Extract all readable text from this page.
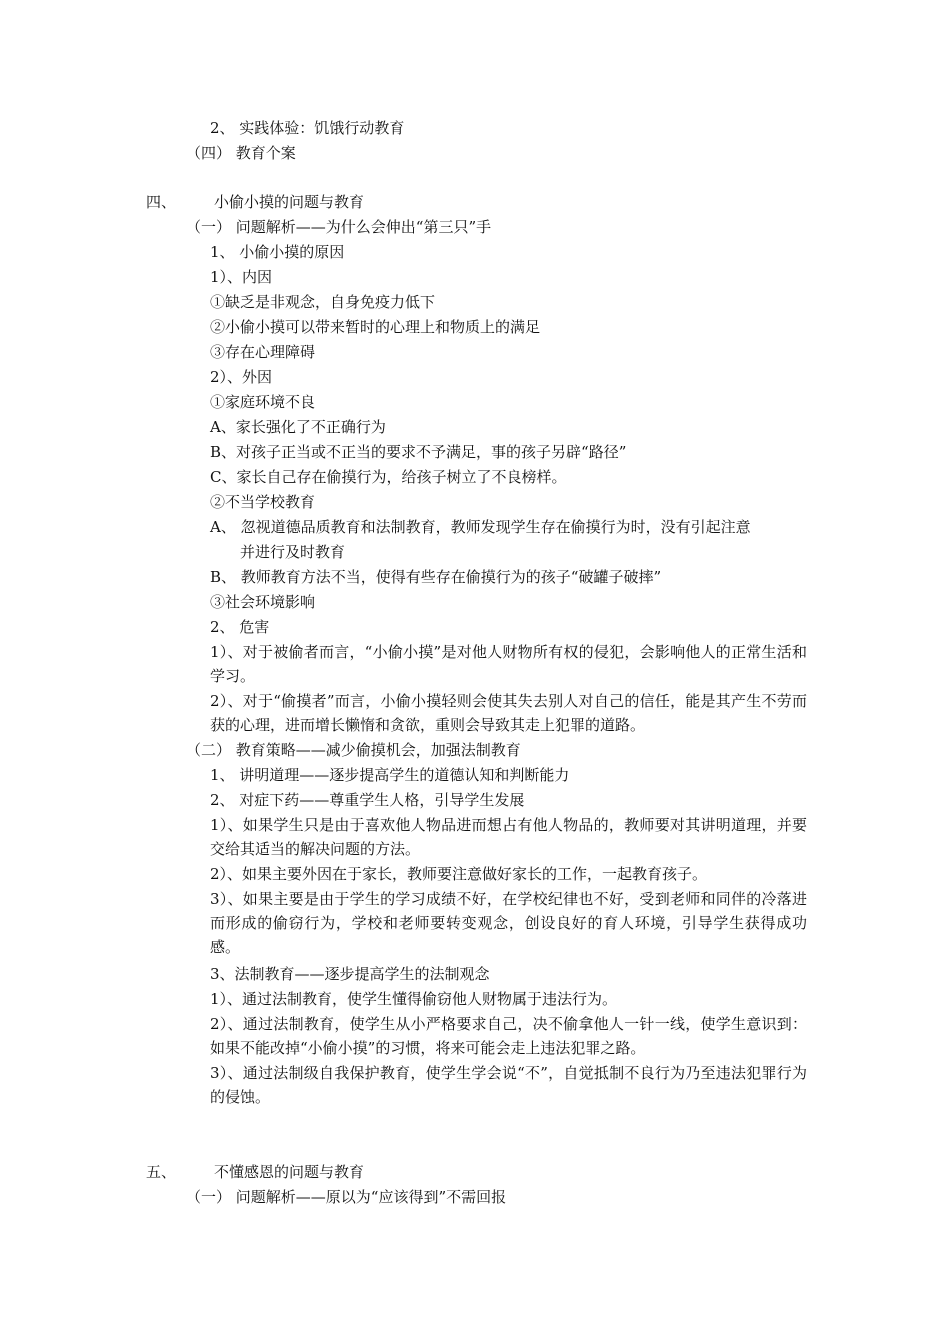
2、 实践体验：饥饿行动教育
（四） 教育个案
四、	小偷小摸的问题与教育
（一） 问题解析——为什么会伸出“第三只”手
1、 小偷小摸的原因
1）、内因
①缺乏是非观念，自身免疫力低下
②小偷小摸可以带来暂时的心理上和物质上的满足
③存在心理障碍
2）、外因
①家庭环境不良
A、家长强化了不正确行为
B、对孩子正当或不正当的要求不予满足，事的孩子另辟“路径”
C、家长自己存在偷摸行为，给孩子树立了不良榜样。
②不当学校教育
A、 忽视道德品质教育和法制教育，教师发现学生存在偷摸行为时，没有引起注意
并进行及时教育
B、 教师教育方法不当，使得有些存在偷摸行为的孩子“破罐子破摔”
③社会环境影响
2、 危害
1）、对于被偷者而言，“小偷小摸”是对他人财物所有权的侵犯，会影响他人的正常生活和学习。
2）、对于“偷摸者”而言，小偷小摸轻则会使其失去别人对自己的信任，能是其产生不劳而获的心理，进而增长懒惰和贪欲，重则会导致其走上犯罪的道路。
（二） 教育策略——减少偷摸机会，加强法制教育
1、 讲明道理——逐步提高学生的道德认知和判断能力
2、 对症下药——尊重学生人格，引导学生发展
1）、如果学生只是由于喜欢他人物品进而想占有他人物品的，教师要对其讲明道理，并要交给其适当的解决问题的方法。
2）、如果主要外因在于家长，教师要注意做好家长的工作，一起教育孩子。
3）、如果主要是由于学生的学习成绩不好，在学校纪律也不好，受到老师和同伴的冷落进而形成的偷窃行为，学校和老师要转变观念，创设良好的育人环境，引导学生获得成功感。
3、法制教育——逐步提高学生的法制观念
1）、通过法制教育，使学生懂得偷窃他人财物属于违法行为。
2）、通过法制教育，使学生从小严格要求自己，决不偷拿他人一针一线，使学生意识到：如果不能改掉“小偷小摸”的习惯，将来可能会走上违法犯罪之路。
3）、通过法制级自我保护教育，使学生学会说“不”，自觉抵制不良行为乃至违法犯罪行为的侵蚀。
五、	不懂感恩的问题与教育
（一） 问题解析——原以为“应该得到”不需回报
